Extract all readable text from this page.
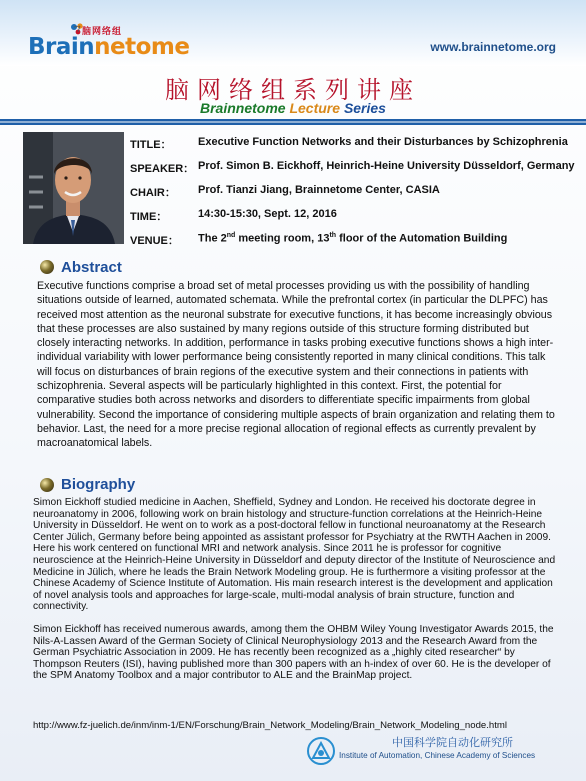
脑网络组
Brainnetome	www.brainnetome.org
脑网络组系列讲座
Brainnetome Lecture Series
TITLE： Executive Function Networks and their Disturbances by Schizophrenia
SPEAKER： Prof. Simon B. Eickhoff, Heinrich-Heine University Düsseldorf, Germany
CHAIR： Prof. Tianzi Jiang, Brainnetome Center, CASIA
TIME：	14:30-15:30, Sept. 12, 2016
VENUE： The 2nd meeting room, 13th floor of the Automation Building
Abstract
Executive functions comprise a broad set of metal processes providing us with the possibility of handling situations outside of learned, automated schemata. While the prefrontal cortex (in particular the DLPFC) has received most attention as the neuronal substrate for executive functions, it has become increasingly obvious that these processes are also sustained by many regions outside of this structure forming distributed but closely interacting networks. In addition, performance in tasks probing executive functions shows a high inter-individual variability with lower performance being consistently reported in many clinical conditions. This talk will focus on disturbances of brain regions of the executive system and their connections in patients with schizophrenia. Several aspects will be particularly highlighted in this context. First, the potential for comparative studies both across networks and disorders to differentiate specific impairments from global vulnerability. Second the importance of considering multiple aspects of brain organization and relating them to behavior. Last, the need for a more precise regional allocation of regional effects as currently prevalent by macroanatomical labels.
Biography

Simon Eickhoff studied medicine in Aachen, Sheffield, Sydney and London. He received his doctorate degree in neuroanatomy in 2006, following work on brain histology and structure-function correlations at the Heinrich-Heine University in Düsseldorf. He went on to work as a post-doctoral fellow in functional neuroanatomy at the Research Center Jülich, Germany before being appointed as assistant professor for Psychiatry at the RWTH Aachen in 2009. Here his work centered on functional MRI and network analysis. Since 2011 he is professor for cognitive neuroscience at the Heinrich-Heine University in Düsseldorf and deputy director of the Institute of Neuroscience and Medicine in Jülich, where he leads the Brain Network Modeling group. He is furthermore a visiting professor at the Chinese Academy of Science Institute of Automation. His main research interest is the development and application of novel analysis tools and approaches for large-scale, multi-modal analysis of brain structure, function and connectivity.

Simon Eickhoff has received numerous awards, among them the OHBM Wiley Young Investigator Awards 2015, the Nils-A-Lassen Award of the German Society of Clinical Neurophysiology 2013 and the Research Award from the German Psychiatric Association in 2009. He has recently been recognized as a „highly cited researcher“ by Thompson Reuters (ISI), having published more than 300 papers with an h-index of over 60. He is the developer of the SPM Anatomy Toolbox and a major contributor to ALE and the BrainMap project.

http://www.fz-juelich.de/inm/inm-1/EN/Forschung/Brain_Network_Modeling/Brain_Network_Modeling_node.html
中国科学院自动化研究所
Institute of Automation, Chinese Academy of Sciences
